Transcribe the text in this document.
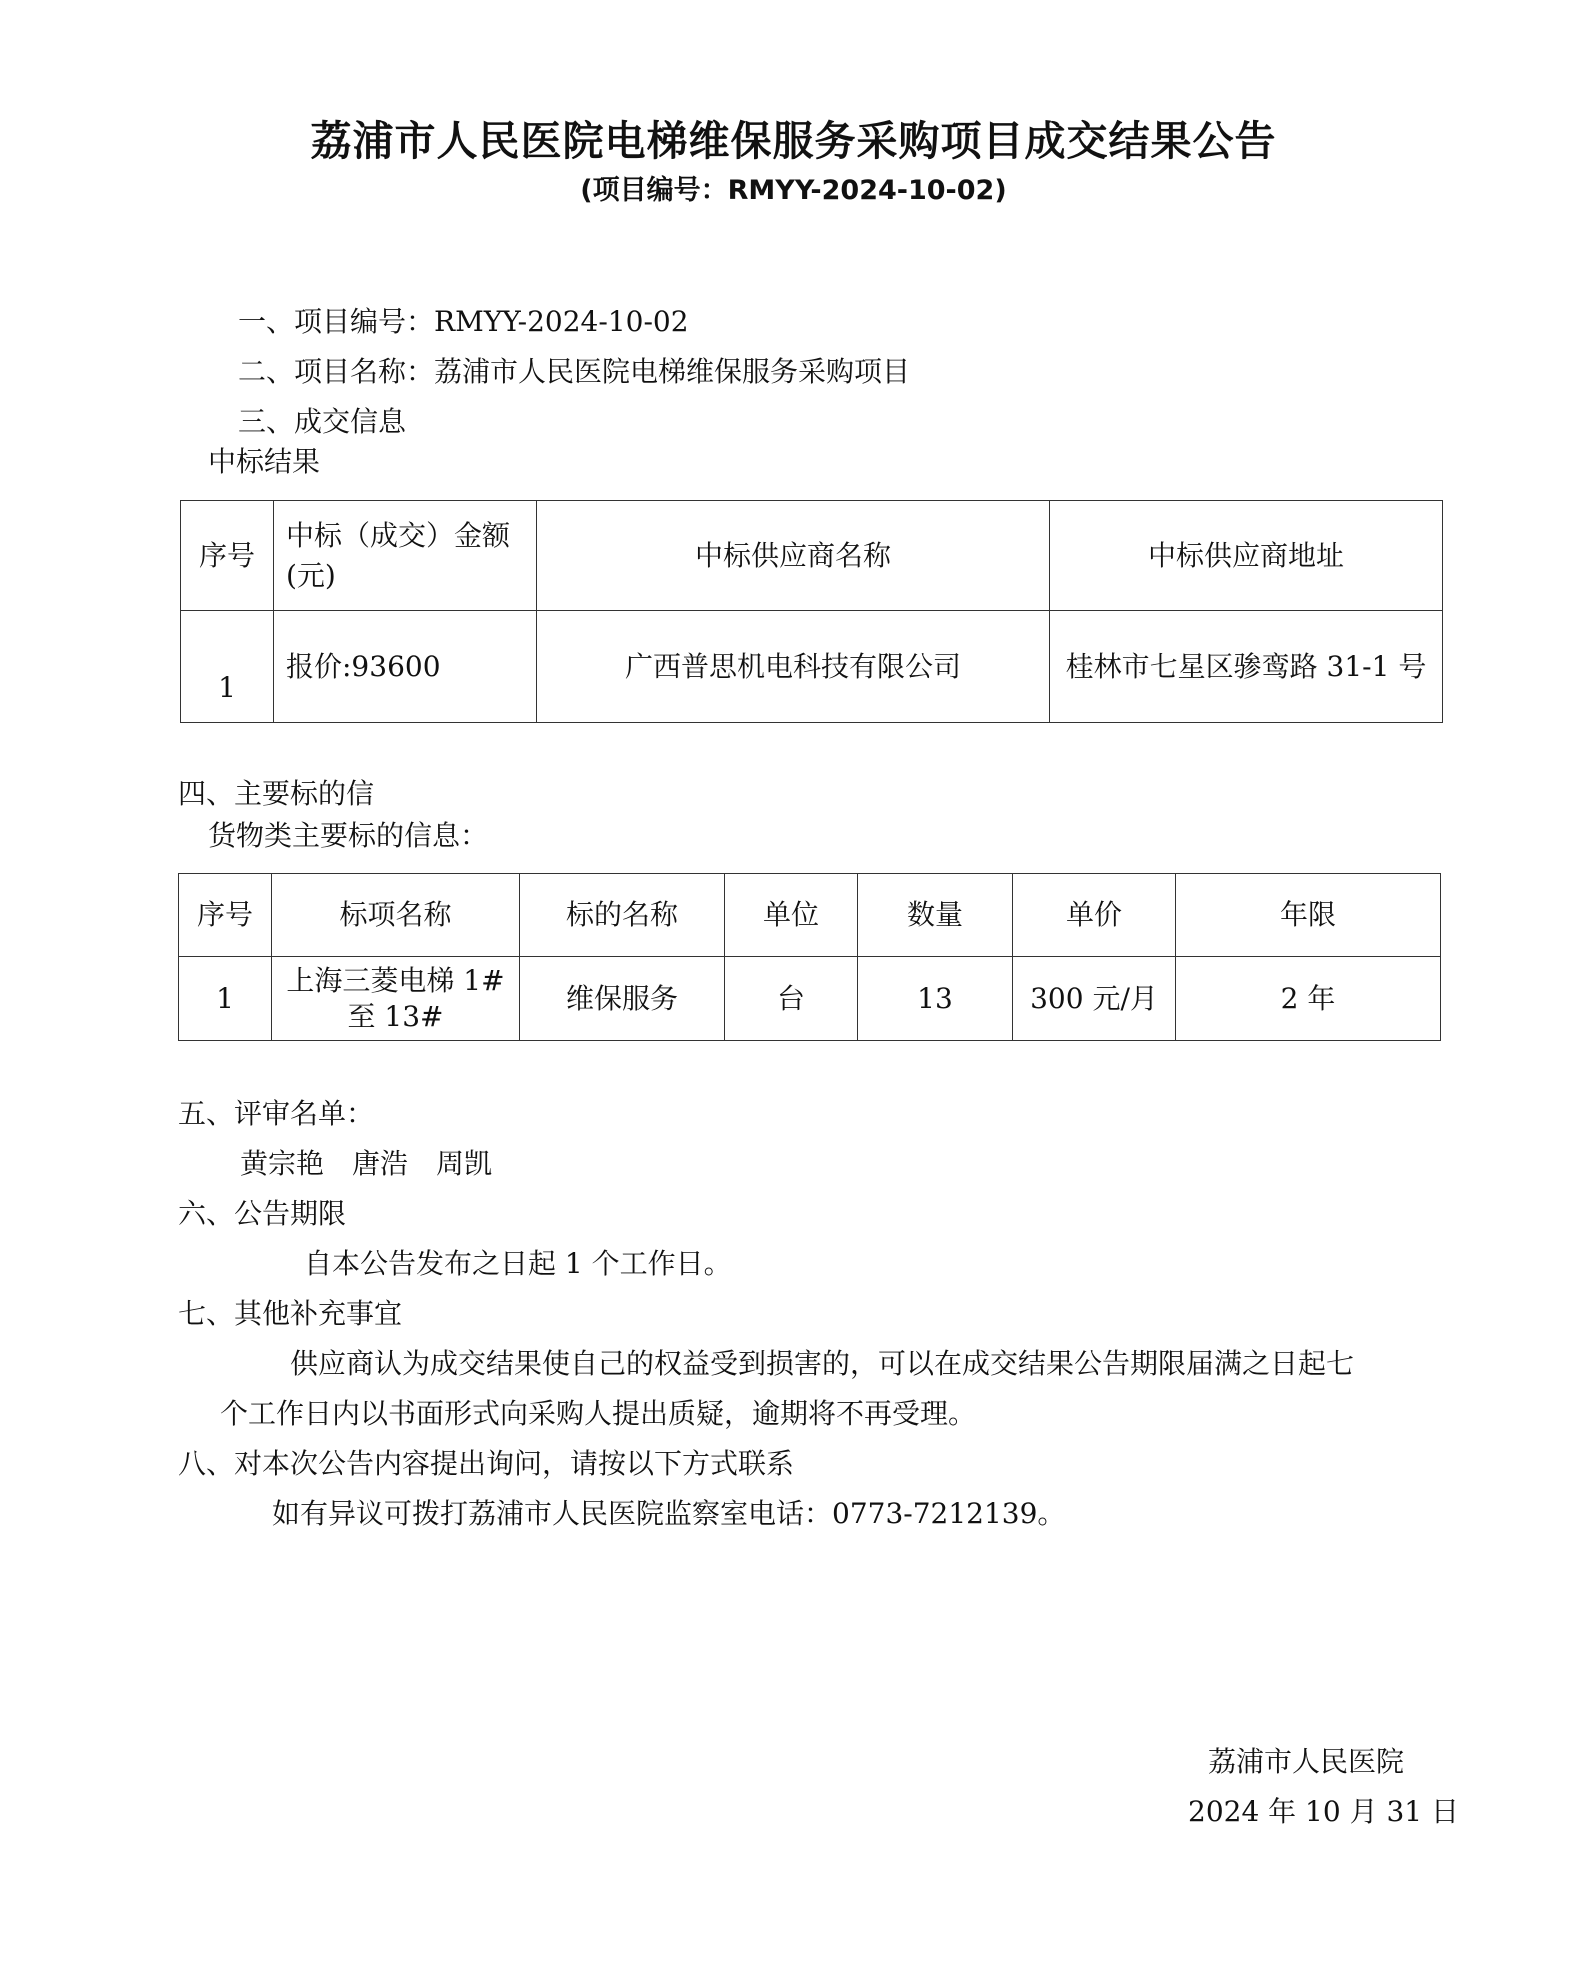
荔浦市人民医院电梯维保服务采购项目成交结果公告
(项目编号：RMYY-2024-10-02)
一、项目编号：RMYY-2024-10-02
二、项目名称：荔浦市人民医院电梯维保服务采购项目
三、成交信息
中标结果
序号	中标（成交）金额(元)	中标供应商名称	中标供应商地址
1	报价:93600	广西普思机电科技有限公司	桂林市七星区骖鸾路 31-1 号
四、主要标的信
货物类主要标的信息：
序号	标项名称	标的名称	单位	数量	单价	年限
1	上海三菱电梯 1#至 13#	维保服务	台	13	300 元/月	2 年
五、评审名单：
黄宗艳　唐浩　周凯
六、公告期限
自本公告发布之日起 1 个工作日。
七、其他补充事宜
供应商认为成交结果使自己的权益受到损害的，可以在成交结果公告期限届满之日起七
个工作日内以书面形式向采购人提出质疑，逾期将不再受理。
八、对本次公告内容提出询问，请按以下方式联系
如有异议可拨打荔浦市人民医院监察室电话：0773-7212139。
荔浦市人民医院
2024 年 10 月 31 日
